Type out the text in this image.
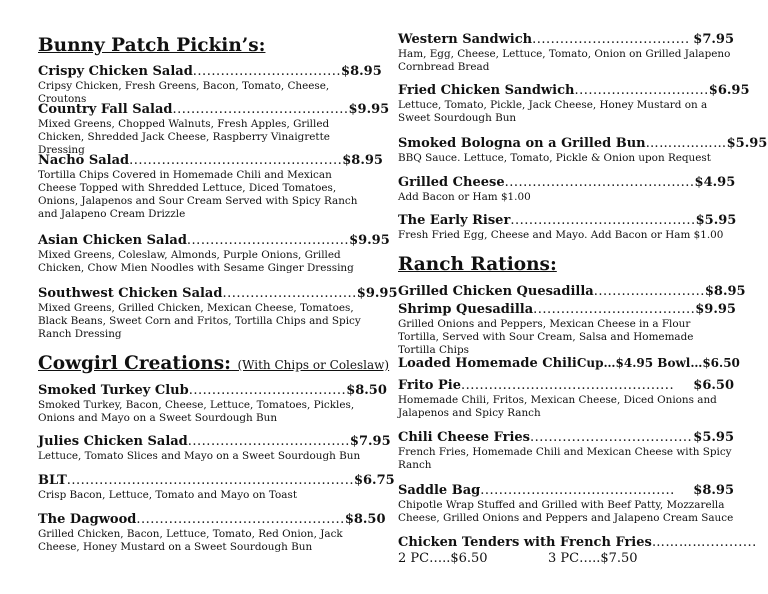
Bunny Patch Pickin’s:
Crispy Chicken Salad ................................ $8.95
Cripsy Chicken, Fresh Greens, Bacon, Tomato, Cheese, Croutons
Country Fall Salad ...................................... $9.95
Mixed Greens, Chopped Walnuts, Fresh Apples, Grilled Chicken, Shredded Jack Cheese, Raspberry Vinaigrette Dressing
Nacho Salad .............................................. $8.95
Tortilla Chips Covered in Homemade Chili and Mexican Cheese Topped with Shredded Lettuce, Diced Tomatoes, Onions, Jalapenos and Sour Cream Served with Spicy Ranch and Jalapeno Cream Drizzle
Asian Chicken Salad ................................... $9.95
Mixed Greens, Coleslaw, Almonds, Purple Onions, Grilled Chicken, Chow Mien Noodles with Sesame Ginger Dressing
Southwest Chicken Salad ............................. $9.95
Mixed Greens, Grilled Chicken, Mexican Cheese, Tomatoes, Black Beans, Sweet Corn and Fritos, Tortilla Chips and Spicy Ranch Dressing
Cowgirl Creations: (With Chips or Coleslaw)
Smoked Turkey Club .................................. $8.50
Smoked Turkey, Bacon, Cheese, Lettuce, Tomatoes, Pickles, Onions and Mayo on a Sweet Sourdough Bun
Julies Chicken Salad ................................... $7.95
Lettuce, Tomato Slices and Mayo on a Sweet Sourdough Bun
BLT .............................................................. $6.75
Crisp Bacon, Lettuce, Tomato and Mayo on Toast
The Dagwood ............................................. $8.50
Grilled Chicken, Bacon, Lettuce, Tomato, Red Onion, Jack Cheese, Honey Mustard on a Sweet Sourdough Bun
Western Sandwich .................................. $7.95
Ham, Egg, Cheese, Lettuce, Tomato, Onion on Grilled Jalapeno Cornbread Bread
Fried Chicken Sandwich ............................. $6.95
Lettuce, Tomato, Pickle, Jack Cheese, Honey Mustard on a Sweet Sourdough Bun
Smoked Bologna on a Grilled Bun ……………… $5.95
BBQ Sauce. Lettuce, Tomato, Pickle & Onion upon Request
Grilled Cheese ......................................... $4.95
Add Bacon or Ham $1.00
The Early Riser ........................................ $5.95
Fresh Fried Egg, Cheese and Mayo. Add Bacon or Ham $1.00
Ranch Rations:
Grilled Chicken Quesadilla ........................ $8.95
Shrimp Quesadilla ................................... $9.95
Grilled Onions and Peppers, Mexican Cheese in a Flour Tortilla, Served with Sour Cream, Salsa and Homemade Tortilla Chips
Loaded Homemade Chili Cup…$4.95 Bowl…$6.50
Frito Pie ..............................................	$6.50
Homemade Chili, Fritos, Mexican Cheese, Diced Onions and Jalapenos and Spicy Ranch
Chili Cheese Fries ................................... $5.95
French Fries, Homemade Chili and Mexican Cheese with Spicy Ranch
Saddle Bag ..........................................	$8.95
Chipotle Wrap Stuffed and Grilled with Beef Patty, Mozzarella Cheese, Grilled Onions and Peppers and Jalapeno Cream Sauce
Chicken Tenders with French Fries …………...........
2 PC…..$6.50	3 PC…..$7.50
